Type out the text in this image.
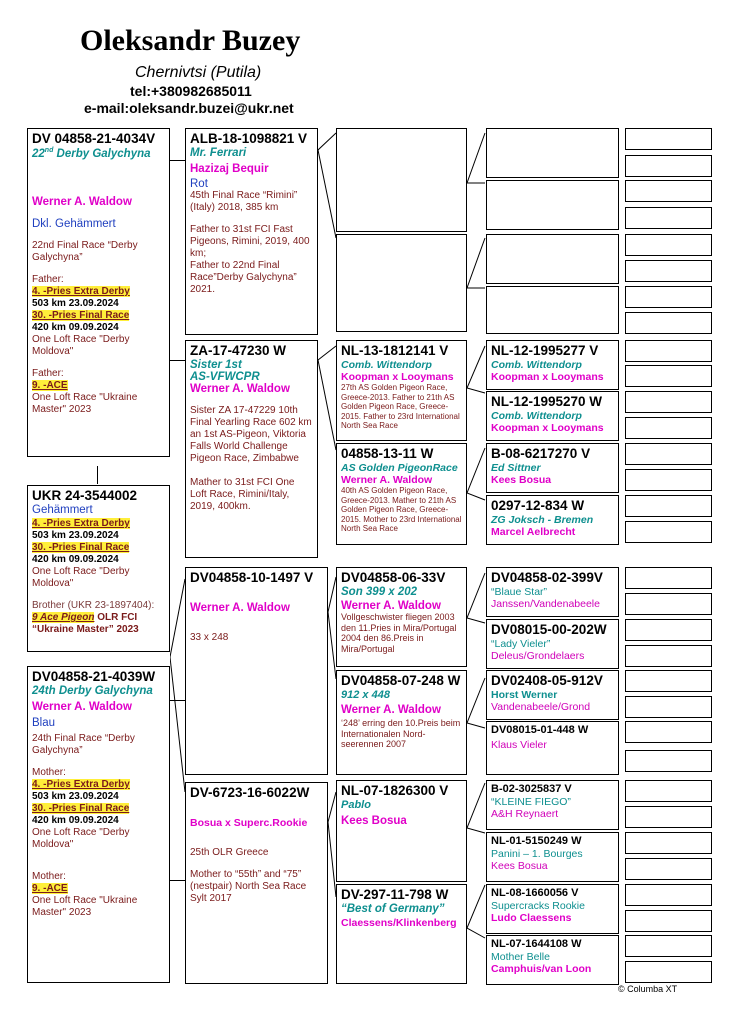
Oleksandr Buzey
Chernivtsi (Putila)
tel:+380982685011
e-mail:oleksandr.buzei@ukr.net
DV 04858-21-4034V
22nd Derby Galychyna
Werner A. Waldow
Dkl. Gehämmert
22nd Final Race “Derby Galychyna”
Father:
4. -Pries Extra Derby
503 km 23.09.2024
30. -Pries Final Race
420 km 09.09.2024
One Loft Race "Derby Moldova"
Father:
9. -ACE
One Loft Race "Ukraine Master" 2023
UKR 24-3544002
Gehämmert
4. -Pries Extra Derby
503 km 23.09.2024
30. -Pries Final Race
420 km 09.09.2024
One Loft Race "Derby Moldova"
Brother (UKR 23-1897404):
9 Ace Pigeon OLR FCI “Ukraine Master” 2023
DV04858-21-4039W
24th Derby Galychyna
Werner A. Waldow
Blau
24th Final Race “Derby Galychyna”
Mother:
4. -Pries Extra Derby
503 km 23.09.2024
30. -Pries Final Race
420 km 09.09.2024
One Loft Race "Derby Moldova"
Mother:
9. -ACE
One Loft Race "Ukraine Master" 2023
ALB-18-1098821 V
Mr. Ferrari
Hazizaj Bequir
Rot
45th Final Race “Rimini” (Italy) 2018, 385 km
Father to 31st FCI Fast Pigeons, Rimini, 2019, 400 km;
Father to 22nd Final Race”Derby Galychyna” 2021.
ZA-17-47230 W
Sister 1st
AS-VFWCPR
Werner A. Waldow
Sister ZA 17-47229 10th Final Yearling Race 602 km an 1st AS-Pigeon, Viktoria Falls World Challenge Pigeon Race, Zimbabwe
Mather to 31st FCI One Loft Race, Rimini/Italy, 2019, 400km.
DV04858-10-1497 V
Werner A. Waldow
33 x 248
DV-6723-16-6022W
Bosua x Superc.Rookie
25th OLR Greece
Mother to “55th” and “75” (nestpair) North Sea Race Sylt 2017
NL-13-1812141 V
Comb. Wittendorp
Koopman x Looymans
27th AS Golden Pigeon Race, Greece-2013. Father to 21th AS Golden Pigeon Race, Greece-2015. Father to 23rd International North Sea Race
04858-13-11 W
AS Golden PigeonRace
Werner A. Waldow
40th AS Golden Pigeon Race, Greece-2013. Mather to 21th AS Golden Pigeon Race, Greece-2015. Mother to 23rd International North Sea Race
DV04858-06-33V
Son 399 x 202
Werner A. Waldow
Vollgeschwister fliegen 2003 den 11.Pries in Mira/Portugal 2004 den 86.Preis in Mira/Portugal
DV04858-07-248 W
912 x 448
Werner A. Waldow
‘248’ erring den 10.Preis beim Internationalen Nord-seerennen 2007
NL-07-1826300 V
Pablo
Kees Bosua
DV-297-11-798 W
“Best of Germany”
Claessens/Klinkenberg
NL-12-1995277 V
Comb. Wittendorp
Koopman x Looymans
NL-12-1995270 W
Comb. Wittendorp
Koopman x Looymans
B-08-6217270 V
Ed Sittner
Kees Bosua
0297-12-834 W
ZG Joksch - Bremen
Marcel Aelbrecht
DV04858-02-399V
“Blaue Star”
Janssen/Vandenabeele
DV08015-00-202W
“Lady Vieler”
Deleus/Grondelaers
DV02408-05-912V
Horst Werner
Vandenabeele/Grond
DV08015-01-448 W
Klaus Vieler
B-02-3025837 V
“KLEINE FIEGO”
A&H Reynaert
NL-01-5150249 W
Panini – 1. Bourges
Kees Bosua
NL-08-1660056 V
Supercracks Rookie
Ludo Claessens
NL-07-1644108 W
Mother Belle
Camphuis/van Loon
© Columba XT
